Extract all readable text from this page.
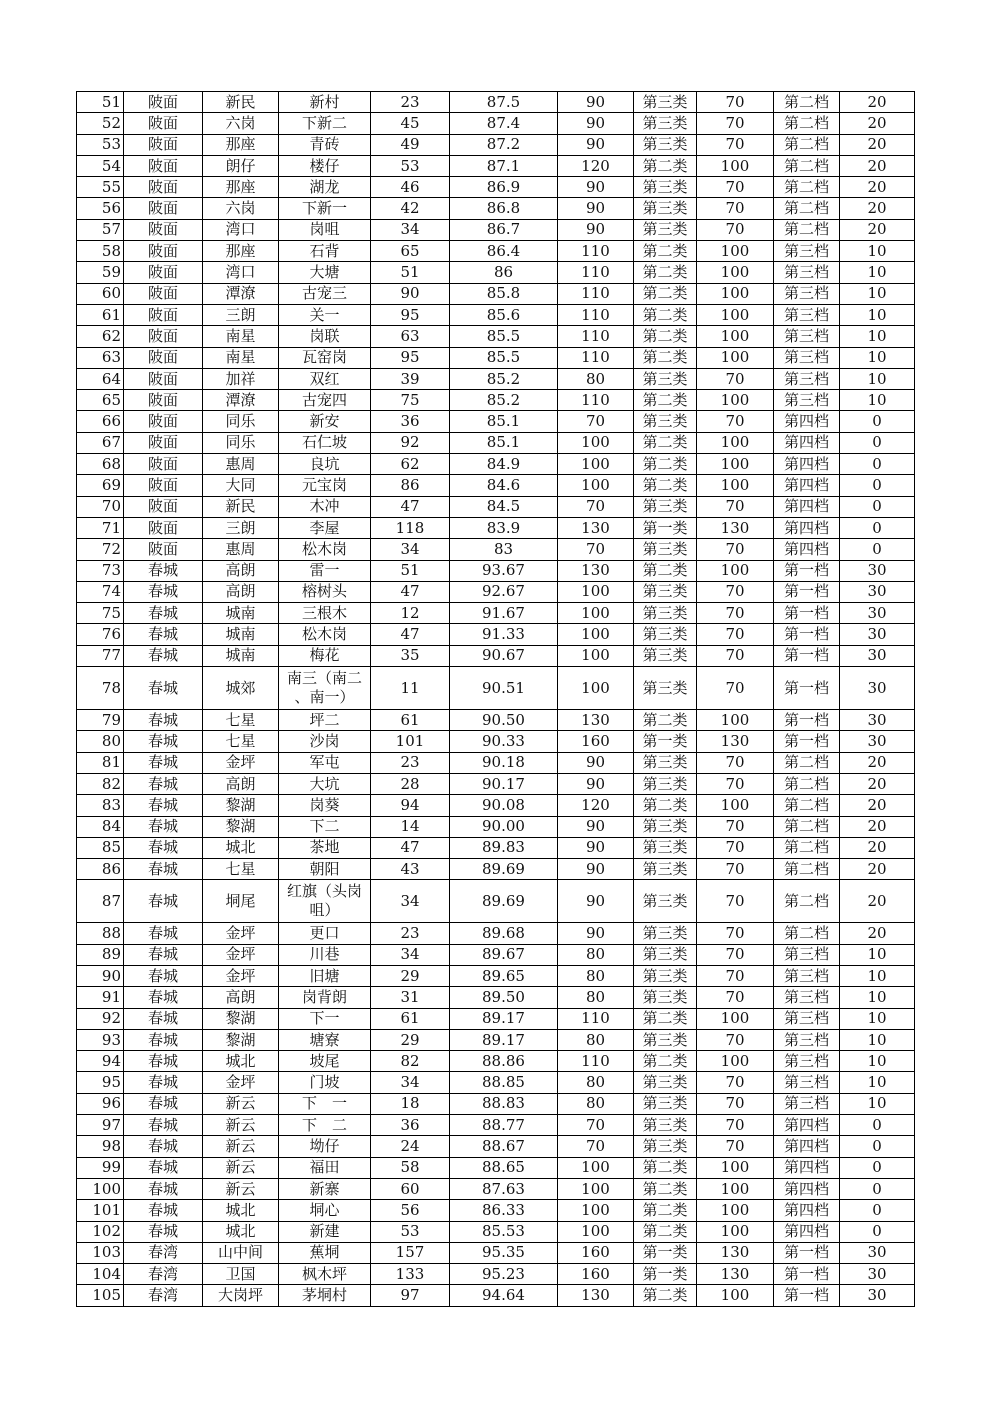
51	陂面	新民	新村	23	87.5	90	第三类	70	第二档	20
52	陂面	六岗	下新二	45	87.4	90	第三类	70	第二档	20
53	陂面	那座	青砖	49	87.2	90	第三类	70	第二档	20
54	陂面	朗仔	楼仔	53	87.1	120	第二类	100	第二档	20
55	陂面	那座	湖龙	46	86.9	90	第三类	70	第二档	20
56	陂面	六岗	下新一	42	86.8	90	第三类	70	第二档	20
57	陂面	湾口	岗咀	34	86.7	90	第三类	70	第二档	20
58	陂面	那座	石背	65	86.4	110	第二类	100	第三档	10
59	陂面	湾口	大塘	51	86	110	第二类	100	第三档	10
60	陂面	潭潦	古宠三	90	85.8	110	第二类	100	第三档	10
61	陂面	三朗	关一	95	85.6	110	第二类	100	第三档	10
62	陂面	南星	岗联	63	85.5	110	第二类	100	第三档	10
63	陂面	南星	瓦窑岗	95	85.5	110	第二类	100	第三档	10
64	陂面	加祥	双红	39	85.2	80	第三类	70	第三档	10
65	陂面	潭潦	古宠四	75	85.2	110	第二类	100	第三档	10
66	陂面	同乐	新安	36	85.1	70	第三类	70	第四档	0
67	陂面	同乐	石仁坡	92	85.1	100	第二类	100	第四档	0
68	陂面	惠周	良坑	62	84.9	100	第二类	100	第四档	0
69	陂面	大同	元宝岗	86	84.6	100	第二类	100	第四档	0
70	陂面	新民	木冲	47	84.5	70	第三类	70	第四档	0
71	陂面	三朗	李屋	118	83.9	130	第一类	130	第四档	0
72	陂面	惠周	松木岗	34	83	70	第三类	70	第四档	0
73	春城	高朗	雷一	51	93.67	130	第二类	100	第一档	30
74	春城	高朗	榕树头	47	92.67	100	第三类	70	第一档	30
75	春城	城南	三根木	12	91.67	100	第三类	70	第一档	30
76	春城	城南	松木岗	47	91.33	100	第三类	70	第一档	30
77	春城	城南	梅花	35	90.67	100	第三类	70	第一档	30
78	春城	城郊	南三（南二
、南一）	11	90.51	100	第三类	70	第一档	30
79	春城	七星	坪二	61	90.50	130	第二类	100	第一档	30
80	春城	七星	沙岗	101	90.33	160	第一类	130	第一档	30
81	春城	金坪	军屯	23	90.18	90	第三类	70	第二档	20
82	春城	高朗	大坑	28	90.17	90	第三类	70	第二档	20
83	春城	黎湖	岗葵	94	90.08	120	第二类	100	第二档	20
84	春城	黎湖	下二	14	90.00	90	第三类	70	第二档	20
85	春城	城北	茶地	47	89.83	90	第三类	70	第二档	20
86	春城	七星	朝阳	43	89.69	90	第三类	70	第二档	20
87	春城	垌尾	红旗（头岗
咀）	34	89.69	90	第三类	70	第二档	20
88	春城	金坪	更口	23	89.68	90	第三类	70	第二档	20
89	春城	金坪	川巷	34	89.67	80	第三类	70	第三档	10
90	春城	金坪	旧塘	29	89.65	80	第三类	70	第三档	10
91	春城	高朗	岗背朗	31	89.50	80	第三类	70	第三档	10
92	春城	黎湖	下一	61	89.17	110	第二类	100	第三档	10
93	春城	黎湖	塘寮	29	89.17	80	第三类	70	第三档	10
94	春城	城北	坡尾	82	88.86	110	第二类	100	第三档	10
95	春城	金坪	门坡	34	88.85	80	第三类	70	第三档	10
96	春城	新云	下　一	18	88.83	80	第三类	70	第三档	10
97	春城	新云	下　二	36	88.77	70	第三类	70	第四档	0
98	春城	新云	坳仔	24	88.67	70	第三类	70	第四档	0
99	春城	新云	福田	58	88.65	100	第二类	100	第四档	0
100	春城	新云	新寨	60	87.63	100	第二类	100	第四档	0
101	春城	城北	垌心	56	86.33	100	第二类	100	第四档	0
102	春城	城北	新建	53	85.53	100	第二类	100	第四档	0
103	春湾	山中间	蕉垌	157	95.35	160	第一类	130	第一档	30
104	春湾	卫国	枫木坪	133	95.23	160	第一类	130	第一档	30
105	春湾	大岗坪	茅垌村	97	94.64	130	第二类	100	第一档	30
